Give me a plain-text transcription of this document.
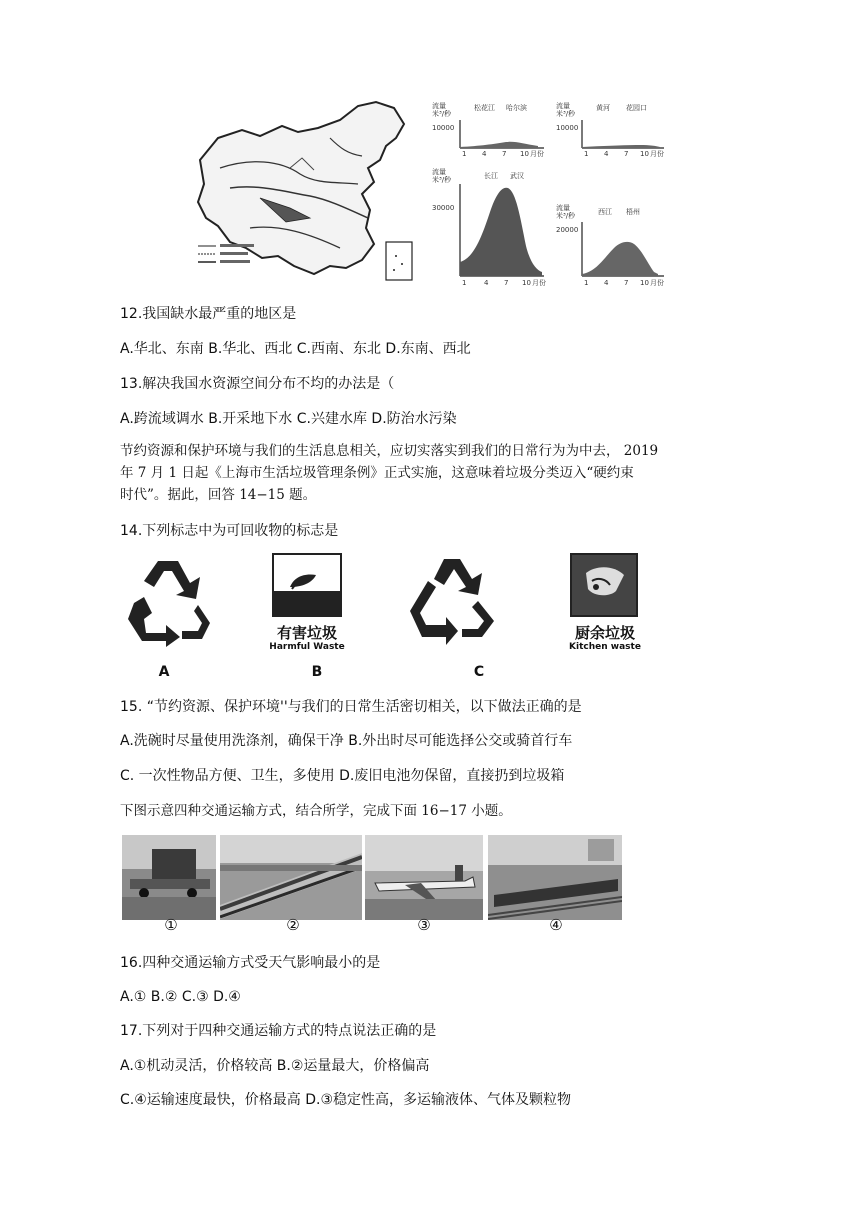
流量
米³/秒
松花江 哈尔滨
10000
1 4 7 10 月份
流量
米³/秒
黄河 花园口
10000
1 4 7 10 月份
流量
米³/秒	长江 武汉
30000
1	4 7 10 月份
流量
米³/秒	西江 梧州
20000
1 4 7 10 月份
12.我国缺水最严重的地区是
A.华北、东南 B.华北、西北 C.西南、东北 D.东南、西北
13.解决我国水资源空间分布不均的办法是（
A.跨流域调水 B.开采地下水 C.兴建水库 D.防治水污染
节约资源和保护环境与我们的生活息息相关，应切实落实到我们的日常行为为中去， 2019
年 7 月 1 日起《上海市生活垃圾管理条例》正式实施，这意味着垃圾分类迈入“硬约束
时代”。据此，回答 14−15 题。
14.下列标志中为可回收物的标志是
A
有害垃圾
Harmful Waste
B	C
厨余垃圾
Kitchen waste
15. “节约资源、保护环境''与我们的日常生活密切相关，以下做法正确的是
A.洗碗时尽量使用洗涤剂，确保干净 B.外出时尽可能选择公交或骑首行车
C. 一次性物品方便、卫生，多使用 D.废旧电池勿保留，直接扔到垃圾箱
下图示意四种交通运输方式，结合所学，完成下面 16−17 小题。
①	②	③	④
16.四种交通运输方式受天气影响最小的是
A.① B.② C.③ D.④
17.下列对于四种交通运输方式的特点说法正确的是
A.①机动灵活，价格较高 B.②运量最大，价格偏高
C.④运输速度最快，价格最高 D.③稳定性高，多运输液体、气体及颗粒物
